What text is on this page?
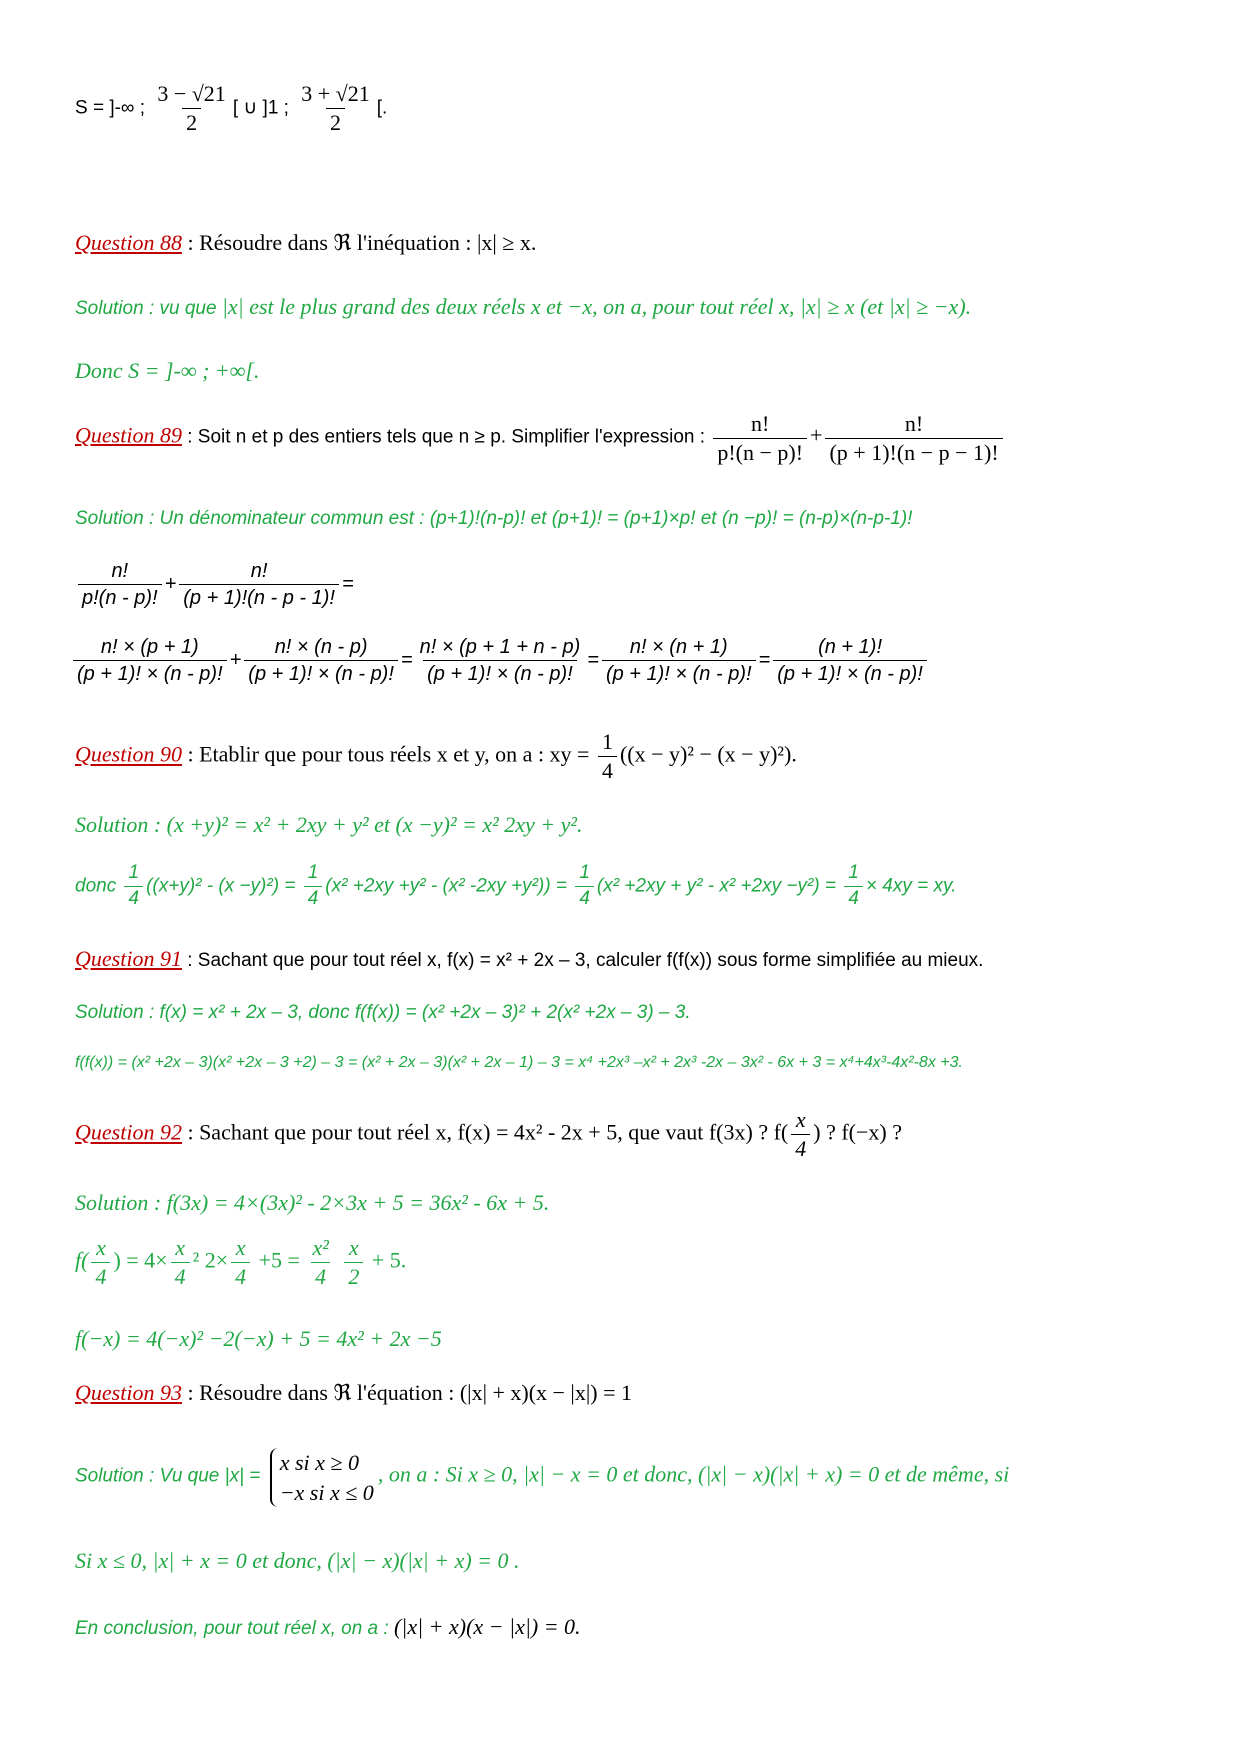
S = ]-∞ ; $\frac{3 - √21}{2}$ [ ∪ ]1 ; $\frac{3 + √21}{2}$ [.
Question 88 : Résoudre dans ℜ l'inéquation : |x| ≥ x.
Solution : vu que |x| est le plus grand des deux réels x et −x, on a, pour tout réel x, |x| ≥ x (et |x| ≥ −x).
Donc S = ]-∞ ; +∞[.
Question 89 : Soit n et p des entiers tels que n ≥ p. Simplifier l'expression : $\frac{n!}{p!(n - p)!} + \frac{n!}{(p + 1)!(n - p - 1)!}$
Solution : Un dénominateur commun est : (p+1)!(n-p)! et (p+1)! = (p+1)×p! et (n −p)! = (n-p)×(n-p-1)!
$\frac{n!}{p!(n - p)!} + \frac{n!}{(p + 1)!(n - p - 1)!}$ =
$\frac{n! \times (p + 1)}{(p + 1)! \times (n - p)!} + \frac{n! \times (n - p)}{(p + 1)! \times (n - p)!} = \frac{n! \times (p + 1 + n - p)}{(p + 1)! \times (n - p)!} = \frac{n! \times (n + 1)}{(p + 1)! \times (n - p)!} = \frac{(n + 1)!}{(p + 1)! \times (n - p)!}$
Question 90 : Etablir que pour tous réels x et y, on a : xy = $\frac{1}{4} ((x - y)^2 - (x - y)^2)$.
Solution : (x +y)² = x² + 2xy + y² et (x −y)² = x² 2xy + y².
donc $\frac{1}{4} ((x+y)^2 - (x -y)^2) = \frac{1}{4} (x^2 +2xy +y^2 - (x^2$ $-2xy +y^2)) = \frac{1}{4} (x^2 +2xy + y^2 - x^2 +2xy -y^2) = \frac{1}{4} \times 4xy$ = xy.
Question 91 : Sachant que pour tout réel x, f(x) = x² + 2x – 3, calculer f(f(x)) sous forme simplifiée au mieux.
Solution : f(x) = x² + 2x – 3, donc f(f(x)) = (x² +2x – 3)² + 2(x² +2x – 3) – 3.
f(f(x)) = (x² +2x – 3)(x² +2x – 3 +2) – 3 = (x² + 2x – 3)(x² + 2x – 1) – 3 = x⁴ +2x³ –x² + 2x³ -2x – 3x² - 6x + 3 = x⁴+4x³-4x²-8x +3.
Question 92 : Sachant que pour tout réel x, f(x) = 4x² - 2x + 5, que vaut f(3x) ? $f( \frac{x}{4}$ ) ? f(−x) ?
Solution : f(3x) = 4×(3x)² - 2×3x + 5 = 36x² - 6x + 5.
$f( \frac{x}{4}$ ) = $4\times \frac{x}{4} ^2$ $2\times \frac{x}{4} +5 = \frac{\text{x²}}{4}$
$\frac{x}{2} + 5$.
f(−x) = 4(−x)² −2(−x) + 5 = 4x² + 2x −5
Question 93 : Résoudre dans ℜ l'équation : (|x| + x)(x − |x|) = 1
Solution : Vu que |x| =
x si x ≥ 0
−x si x ≤ 0
, on a : Si x ≥ 0, |x| − x = 0 et donc, (|x| − x)(|x| + x) = 0 et de même, si
Si x ≤ 0, |x| + x = 0 et donc, (|x| − x)(|x| + x) = 0 .
En conclusion, pour tout réel x, on a : (|x| + x)(x − |x|) = 0.
